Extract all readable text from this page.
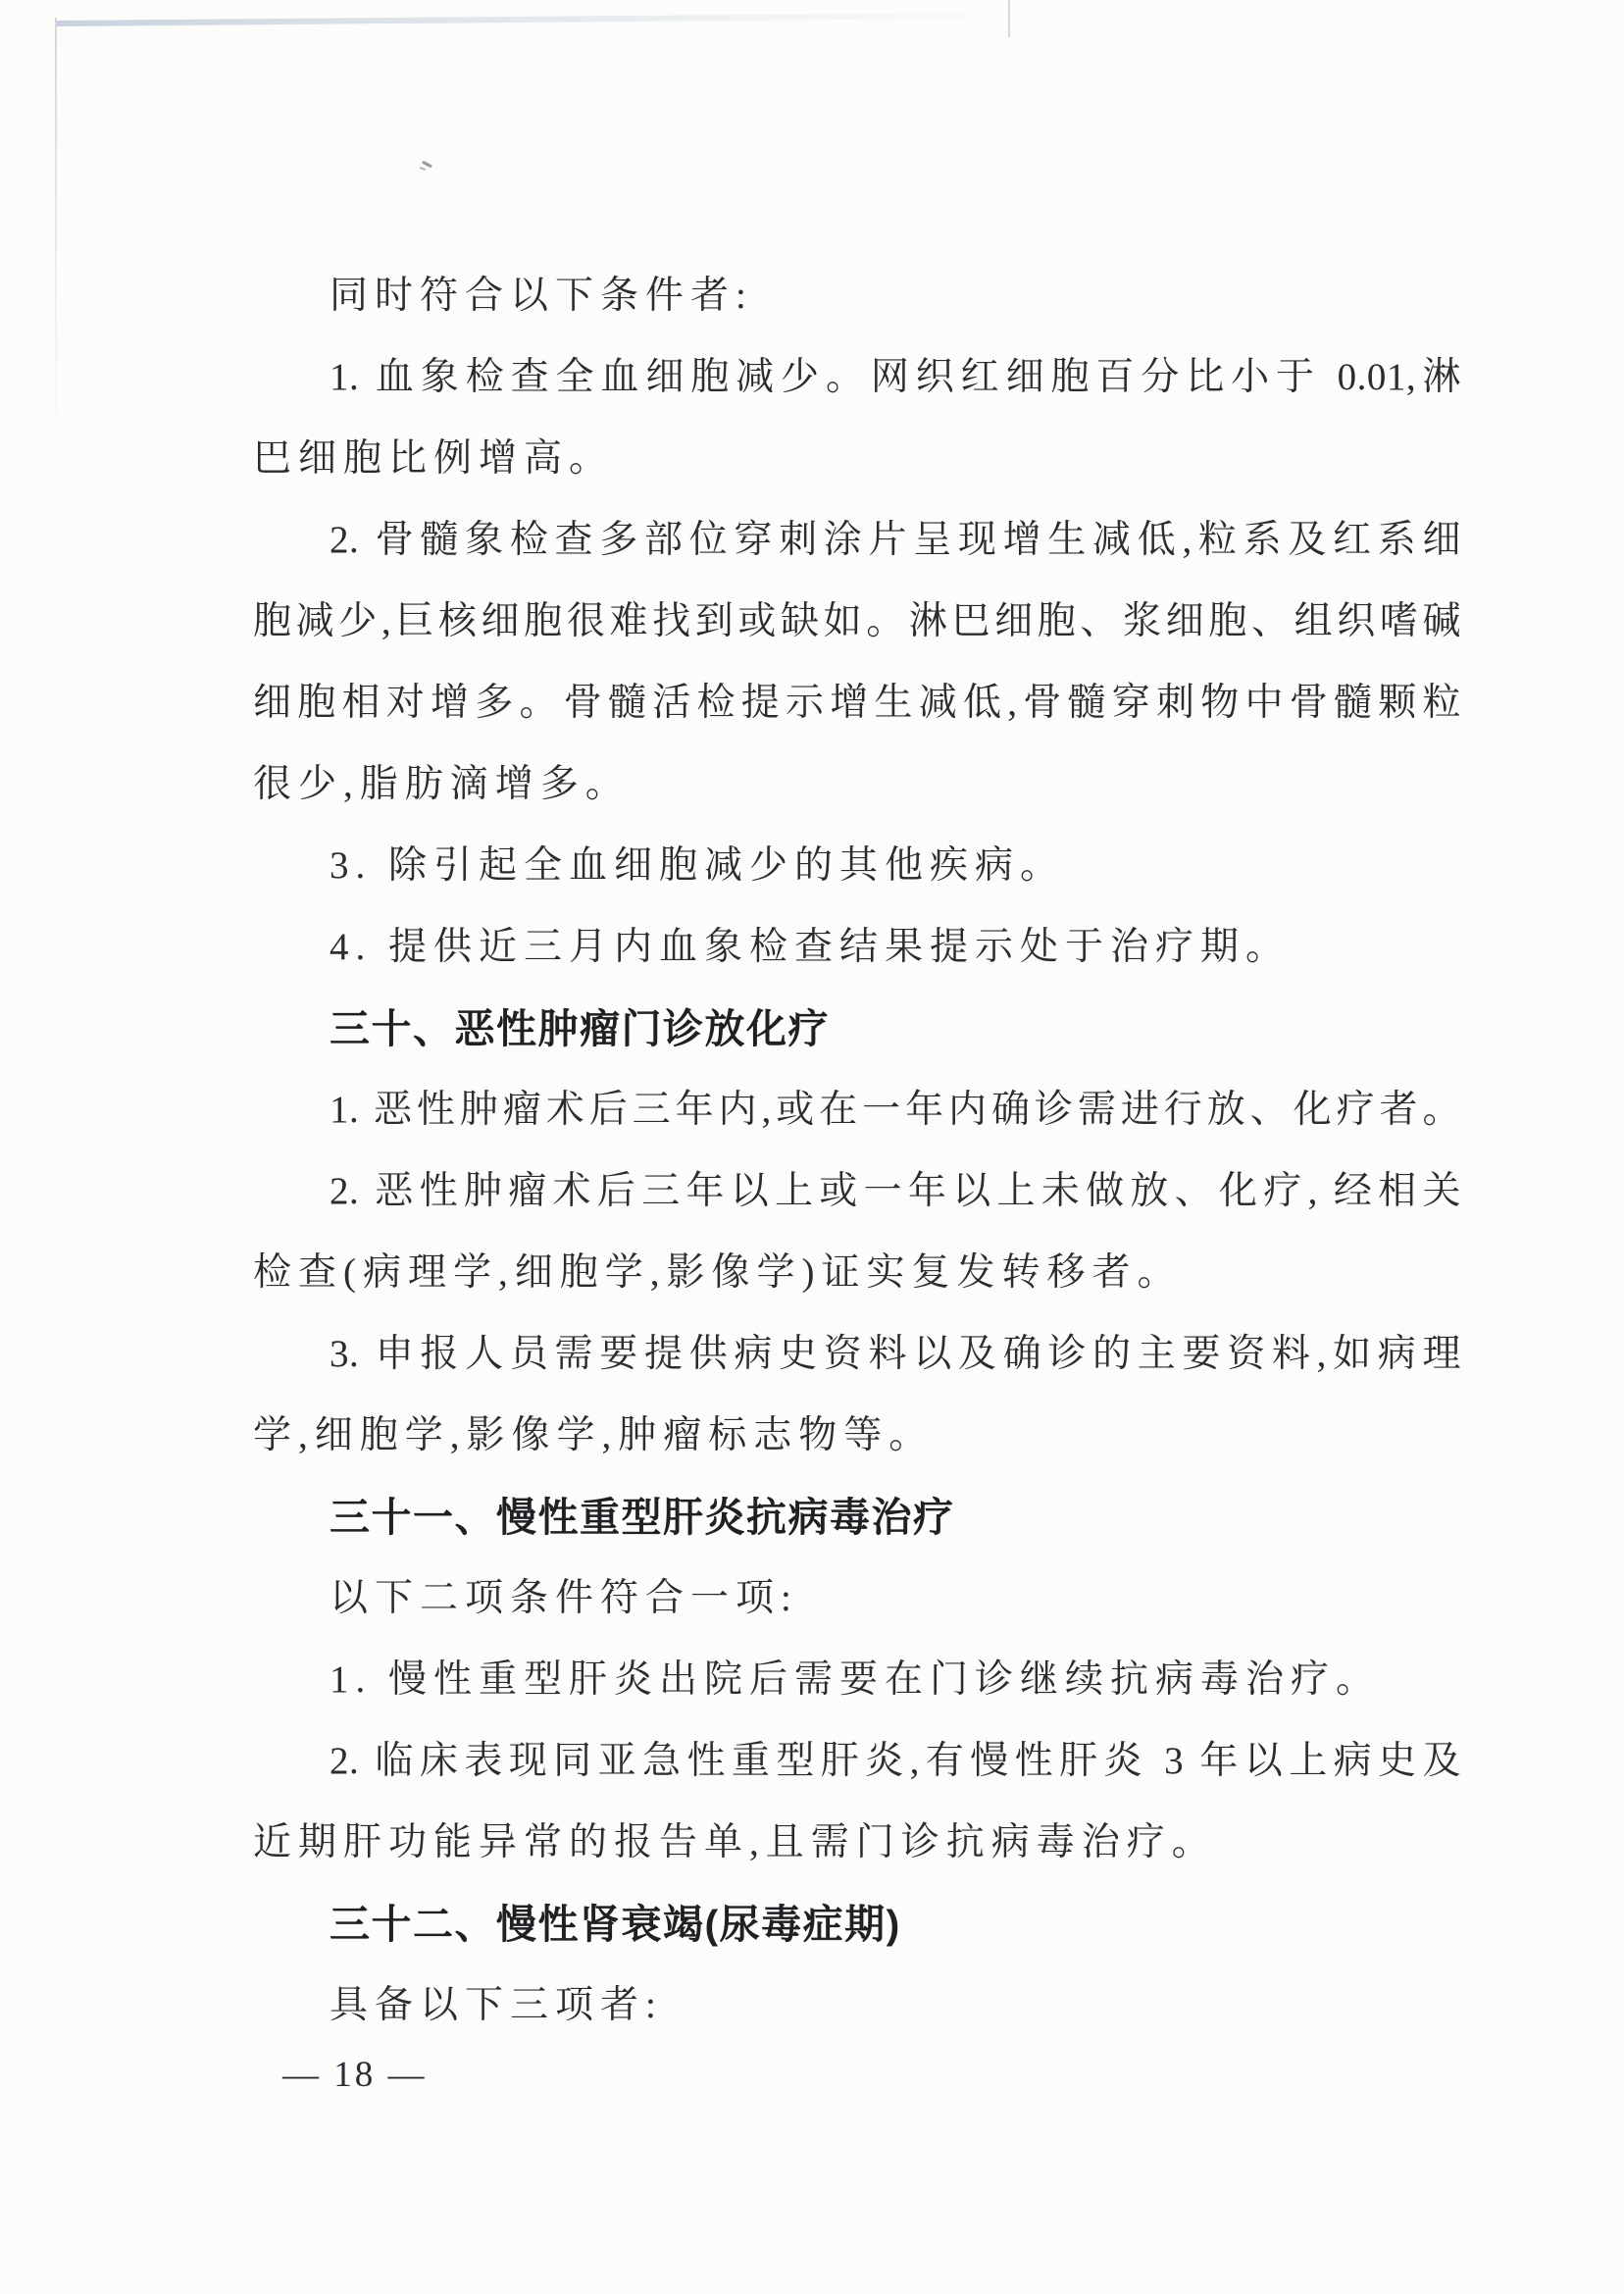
同时符合以下条件者:
1. 血象检查全血细胞减少。网织红细胞百分比小于 0.01,淋
巴细胞比例增高。
2. 骨髓象检查多部位穿刺涂片呈现增生减低,粒系及红系细
胞减少,巨核细胞很难找到或缺如。淋巴细胞、浆细胞、组织嗜碱
细胞相对增多。骨髓活检提示增生减低,骨髓穿刺物中骨髓颗粒
很少,脂肪滴增多。
3. 除引起全血细胞减少的其他疾病。
4. 提供近三月内血象检查结果提示处于治疗期。
三十、恶性肿瘤门诊放化疗
1. 恶性肿瘤术后三年内,或在一年内确诊需进行放、化疗者。
2. 恶性肿瘤术后三年以上或一年以上未做放、化疗, 经相关
检查(病理学,细胞学,影像学)证实复发转移者。
3. 申报人员需要提供病史资料以及确诊的主要资料,如病理
学,细胞学,影像学,肿瘤标志物等。
三十一、慢性重型肝炎抗病毒治疗
以下二项条件符合一项:
1. 慢性重型肝炎出院后需要在门诊继续抗病毒治疗。
2. 临床表现同亚急性重型肝炎,有慢性肝炎 3 年以上病史及
近期肝功能异常的报告单,且需门诊抗病毒治疗。
三十二、慢性肾衰竭(尿毒症期)
具备以下三项者:
— 18 —
